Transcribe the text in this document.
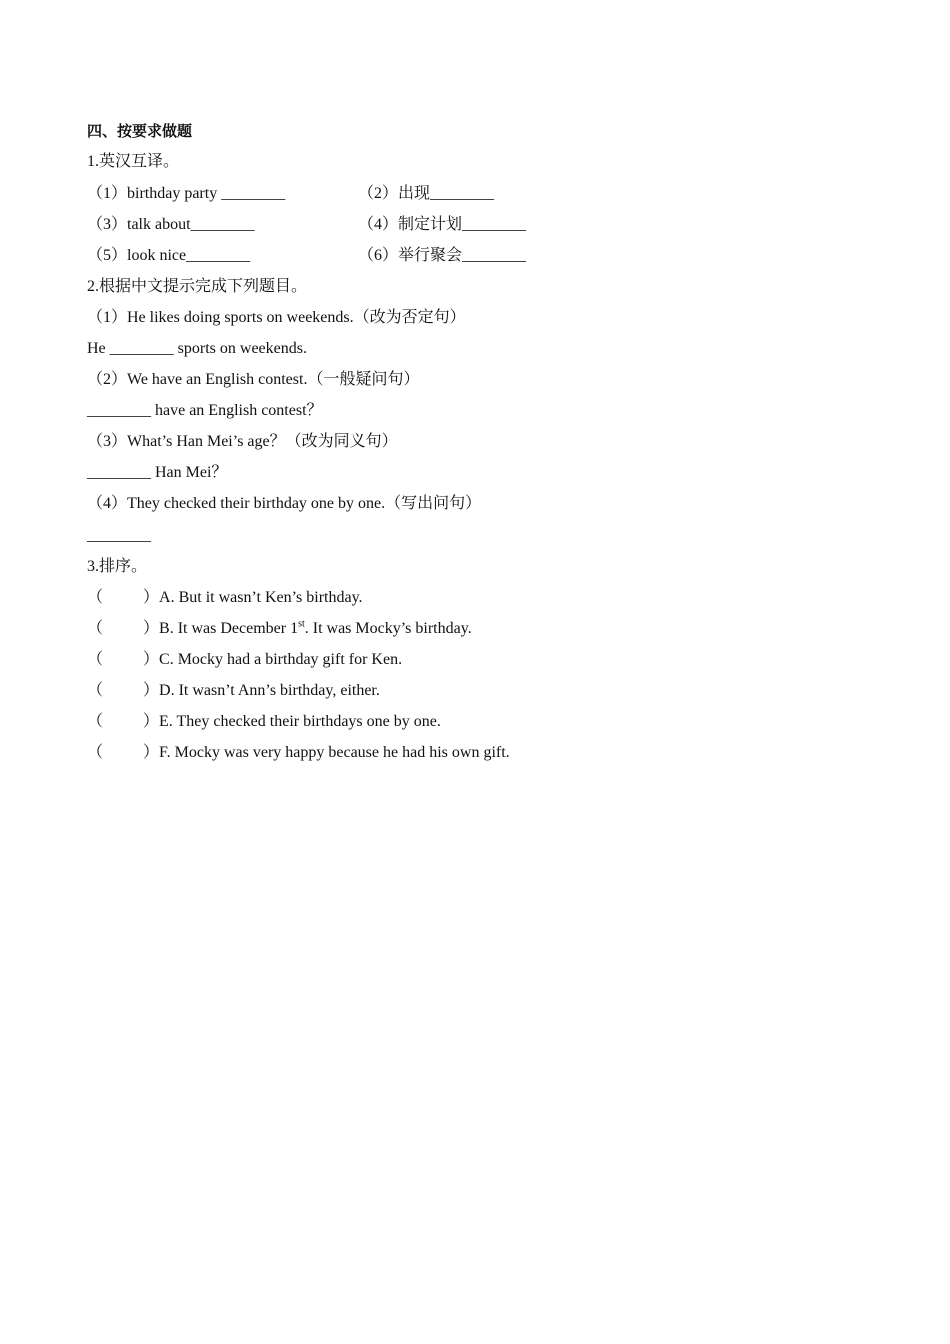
四、按要求做题
1.英汉互译。
（1）birthday party ________	（2）出现________
（3）talk about________	（4）制定计划________
（5）look nice________	（6）举行聚会________
2.根据中文提示完成下列题目。
（1）He likes doing sports on weekends.（改为否定句）
He ________ sports on weekends.
（2）We have an English contest.（一般疑问句）
________ have an English contest？
（3）What’s Han Mei’s age？（改为同义句）
________ Han Mei？
（4）They checked their birthday one by one.（写出问句）
________
3.排序。
（ ）A. But it wasn’t Ken’s birthday.
（ ）B. It was December 1st. It was Mocky’s birthday.
（ ）C. Mocky had a birthday gift for Ken.
（ ）D. It wasn’t Ann’s birthday, either.
（ ）E. They checked their birthdays one by one.
（ ）F. Mocky was very happy because he had his own gift.
